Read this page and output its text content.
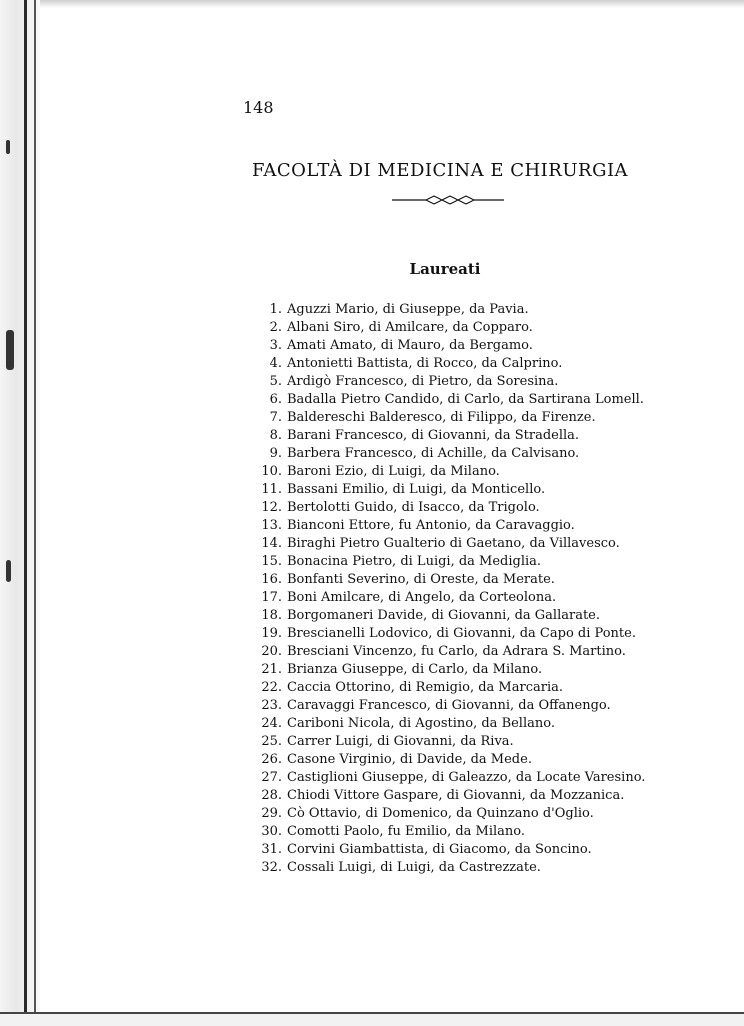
148
FACOLTÀ DI MEDICINA E CHIRURGIA
Laureati
1. Aguzzi Mario, di Giuseppe, da Pavia.
2. Albani Siro, di Amilcare, da Copparo.
3. Amati Amato, di Mauro, da Bergamo.
4. Antonietti Battista, di Rocco, da Calprino.
5. Ardigò Francesco, di Pietro, da Soresina.
6. Badalla Pietro Candido, di Carlo, da Sartirana Lomell.
7. Baldereschi Balderesco, di Filippo, da Firenze.
8. Barani Francesco, di Giovanni, da Stradella.
9. Barbera Francesco, di Achille, da Calvisano.
10. Baroni Ezio, di Luigi, da Milano.
11. Bassani Emilio, di Luigi, da Monticello.
12. Bertolotti Guido, di Isacco, da Trigolo.
13. Bianconi Ettore, fu Antonio, da Caravaggio.
14. Biraghi Pietro Gualterio di Gaetano, da Villavesco.
15. Bonacina Pietro, di Luigi, da Mediglia.
16. Bonfanti Severino, di Oreste, da Merate.
17. Boni Amilcare, di Angelo, da Corteolona.
18. Borgomaneri Davide, di Giovanni, da Gallarate.
19. Brescianelli Lodovico, di Giovanni, da Capo di Ponte.
20. Bresciani Vincenzo, fu Carlo, da Adrara S. Martino.
21. Brianza Giuseppe, di Carlo, da Milano.
22. Caccia Ottorino, di Remigio, da Marcaria.
23. Caravaggi Francesco, di Giovanni, da Offanengo.
24. Cariboni Nicola, di Agostino, da Bellano.
25. Carrer Luigi, di Giovanni, da Riva.
26. Casone Virginio, di Davide, da Mede.
27. Castiglioni Giuseppe, di Galeazzo, da Locate Varesino.
28. Chiodi Vittore Gaspare, di Giovanni, da Mozzanica.
29. Cò Ottavio, di Domenico, da Quinzano d'Oglio.
30. Comotti Paolo, fu Emilio, da Milano.
31. Corvini Giambattista, di Giacomo, da Soncino.
32. Cossali Luigi, di Luigi, da Castrezzate.
